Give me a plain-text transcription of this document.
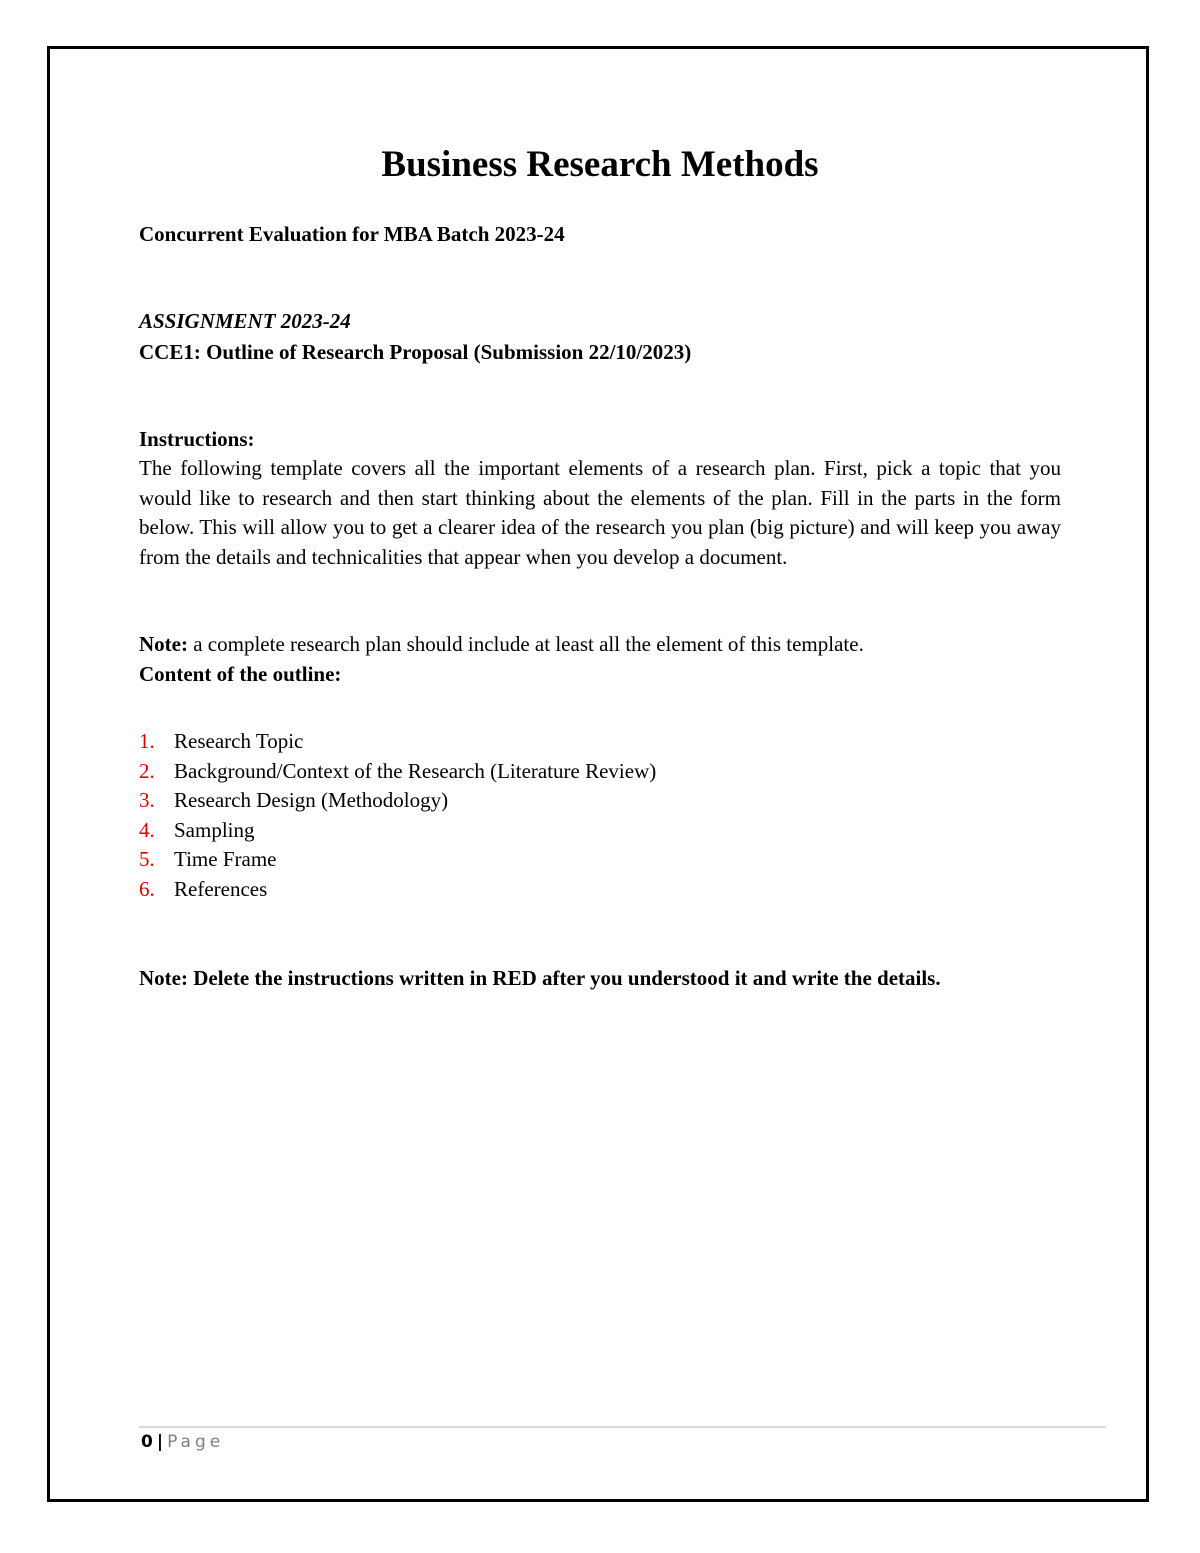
Business Research Methods

Concurrent Evaluation for MBA Batch 2023-24

ASSIGNMENT 2023-24

CCE1: Outline of Research Proposal (Submission 22/10/2023)

Instructions:

The following template covers all the important elements of a research plan. First, pick a topic that you would like to research and then start thinking about the elements of the plan. Fill in the parts in the form below. This will allow you to get a clearer idea of the research you plan (big picture) and will keep you away from the details and technicalities that appear when you develop a document.

Note: a complete research plan should include at least all the element of this template.

Content of the outline:

1. Research Topic
2. Background/Context of the Research (Literature Review)
3. Research Design (Methodology)
4. Sampling
5. Time Frame
6. References

Note: Delete the instructions written in RED after you understood it and write the details.

0 | Page
